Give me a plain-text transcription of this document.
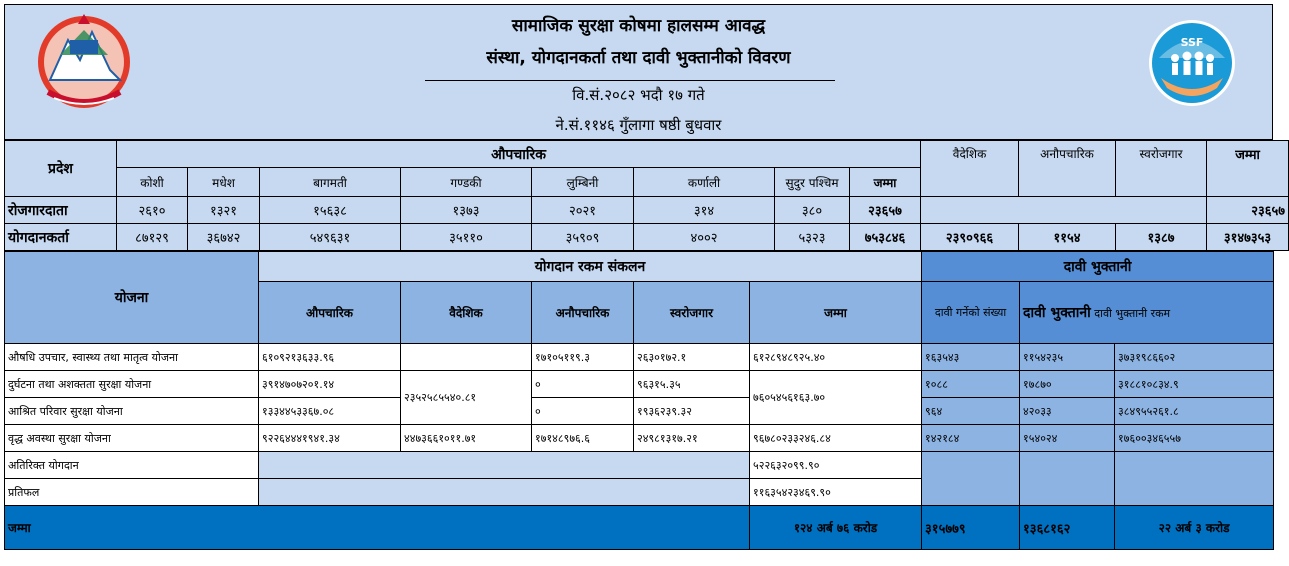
सामाजिक सुरक्षा कोषमा हालसम्म आवद्ध
संस्था, योगदानकर्ता तथा दावी भुक्तानीको विवरण
वि.सं.२०८२ भदौ १७ गते
ने.सं.११४६ गुँलागा षष्ठी बुधवार
SSF
प्रदेश	औपचारिक								वैदेशिक	अनौपचारिक	स्वरोजगार	जम्मा
	कोशी	मधेश	बागमती	गण्डकी	लुम्बिनी	कर्णाली	सुदुर पश्चिम	जम्मा				
रोजगारदाता	२६१०	१३२१	१५६३८	१३७३	२०२१	३१४	३८०	२३६५७				२३६५७
योगदानकर्ता	८७१२९	३६७४२	५४९६३१	३५११०	३५९०९	४००२	५३२३	७५३८४६	२३९०९६६	११५४	१३८७	३१४७३५३
योजना	योगदान रकम संकलन					दावी भुक्तानी		
	औपचारिक	वैदेशिक	अनौपचारिक	स्वरोजगार	जम्मा	दावी गर्नेको संख्या	दावी भुक्तानी दावी भुक्तानी रकम	
औषधि उपचार, स्वास्थ्य तथा मातृत्व योजना	६१०९२१३६३३.९६		१७१०५११९.३	२६३०१७२.१	६१२८९४८९२५.४०	१६३५४३	११५४२३५	३७३१९८६६०२
दुर्घटना तथा अशक्तता सुरक्षा योजना	३९१४७०७२०१.१४	२३५२५८५५४०.८१	०	९६३१५.३५	७६०५४५६१६३.७०	१०८८	१७८७०	३१८८१०८३४.९
आश्रित परिवार सुरक्षा योजना	१३३४४५३३६७.०८		०	१९३६२३९.३२		९६४	४२०३३	३८४९५५२६१.८
वृद्ध अवस्था सुरक्षा योजना	९२२६४४४१९४१.३४	४४७३६६१०११.७१	१७१४८९७६.६	२४९८१३१७.२१	९६७८०२३३२४६.८४	१४२१८४	१५४०२४	१७६००३४६५५७
अतिरिक्त योगदान					५२२६३२०९९.९०			
प्रतिफल					११६३५४२३४६९.९०			
जम्मा					१२४ अर्ब ७६ करोड	३१५७७९	१३६८१६२	२२ अर्ब ३ करोड
